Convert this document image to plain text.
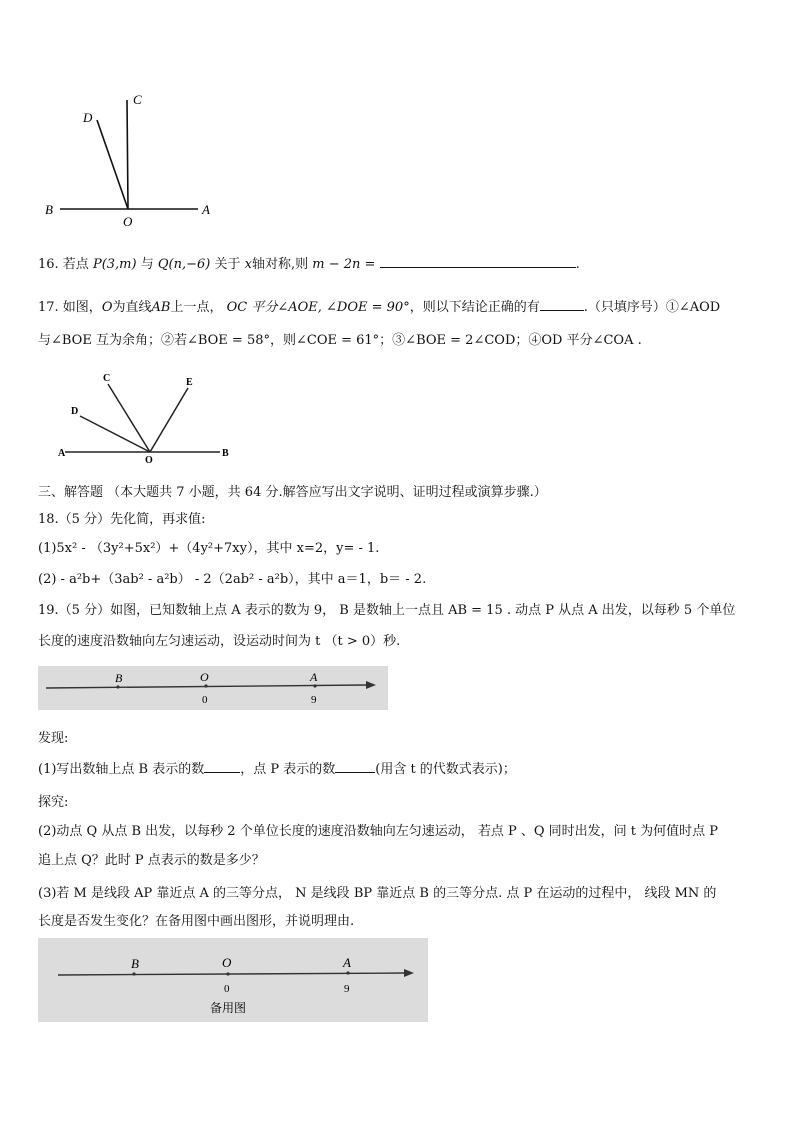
D
C
B
O
A
16. 若点 P(3,m) 与 Q(n,−6) 关于 x轴对称,则 m − 2n =	.
17. 如图，O为直线AB上一点， OC 平分∠AOE, ∠DOE = 90°，则以下结论正确的有	.（只填序号）①∠AOD
与∠BOE 互为余角；②若∠BOE = 58°，则∠COE = 61°；③∠BOE = 2∠COD；④OD 平分∠COA .
C	E
D
A
O
B
三、解答题 （本大题共 7 小题，共 64 分.解答应写出文字说明、证明过程或演算步骤.）
18.（5 分）先化简，再求值:
(1)5x² - （3y²+5x²）+（4y²+7xy），其中 x=2，y= - 1.
(2) - a²b+（3ab² - a²b） - 2（2ab² - a²b），其中 a＝1，b＝ - 2.
19.（5 分）如图，已知数轴上点 A 表示的数为 9， B 是数轴上一点且 AB = 15 . 动点 P 从点 A 出发，以每秒 5 个单位
长度的速度沿数轴向左匀速运动，设运动时间为 t （t > 0）秒.
B	O	A
0	9
发现:
(1)写出数轴上点 B 表示的数	，点 P 表示的数	(用含 t 的代数式表示)；
探究:
(2)动点 Q 从点 B 出发，以每秒 2 个单位长度的速度沿数轴向左匀速运动， 若点 P 、Q 同时出发，问 t 为何值时点 P
追上点 Q？此时 P 点表示的数是多少？
(3)若 M 是线段 AP 靠近点 A 的三等分点， N 是线段 BP 靠近点 B 的三等分点. 点 P 在运动的过程中， 线段 MN 的
长度是否发生变化？在备用图中画出图形，并说明理由.
B	O	A
0	9
备用图
